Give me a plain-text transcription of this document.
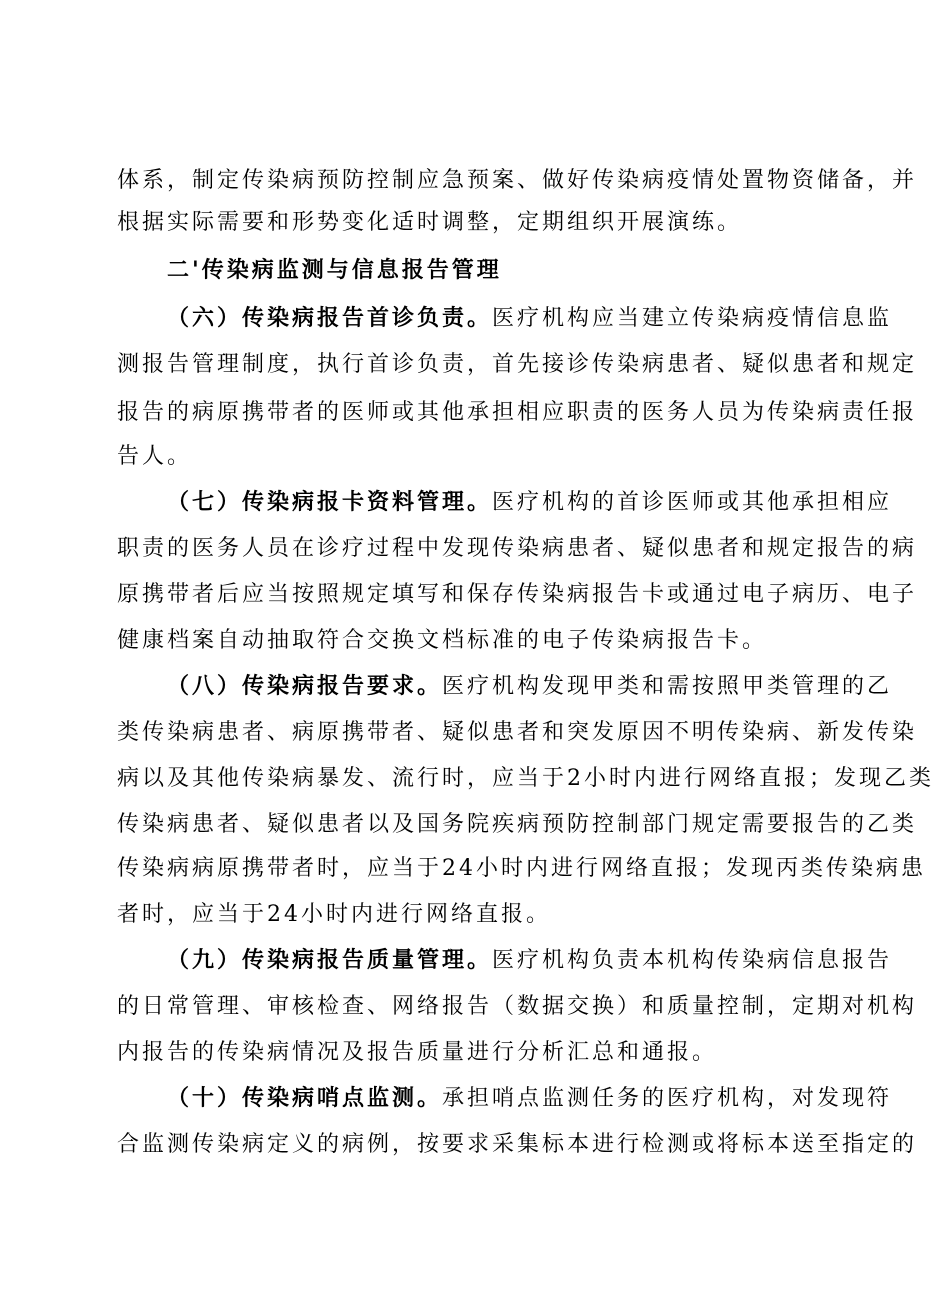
体系，制定传染病预防控制应急预案、做好传染病疫情处置物资储备，并
根据实际需要和形势变化适时调整，定期组织开展演练。
二'传染病监测与信息报告管理
（六）传染病报告首诊负责。医疗机构应当建立传染病疫情信息监
测报告管理制度，执行首诊负责，首先接诊传染病患者、疑似患者和规定
报告的病原携带者的医师或其他承担相应职责的医务人员为传染病责任报
告人。
（七）传染病报卡资料管理。医疗机构的首诊医师或其他承担相应
职责的医务人员在诊疗过程中发现传染病患者、疑似患者和规定报告的病
原携带者后应当按照规定填写和保存传染病报告卡或通过电子病历、电子
健康档案自动抽取符合交换文档标准的电子传染病报告卡。
（八）传染病报告要求。医疗机构发现甲类和需按照甲类管理的乙
类传染病患者、病原携带者、疑似患者和突发原因不明传染病、新发传染
病以及其他传染病暴发、流行时，应当于2小时内进行网络直报；发现乙类
传染病患者、疑似患者以及国务院疾病预防控制部门规定需要报告的乙类
传染病病原携带者时，应当于24小时内进行网络直报；发现丙类传染病患
者时，应当于24小时内进行网络直报。
（九）传染病报告质量管理。医疗机构负责本机构传染病信息报告
的日常管理、审核检查、网络报告（数据交换）和质量控制，定期对机构
内报告的传染病情况及报告质量进行分析汇总和通报。
（十）传染病哨点监测。承担哨点监测任务的医疗机构，对发现符
合监测传染病定义的病例，按要求采集标本进行检测或将标本送至指定的
